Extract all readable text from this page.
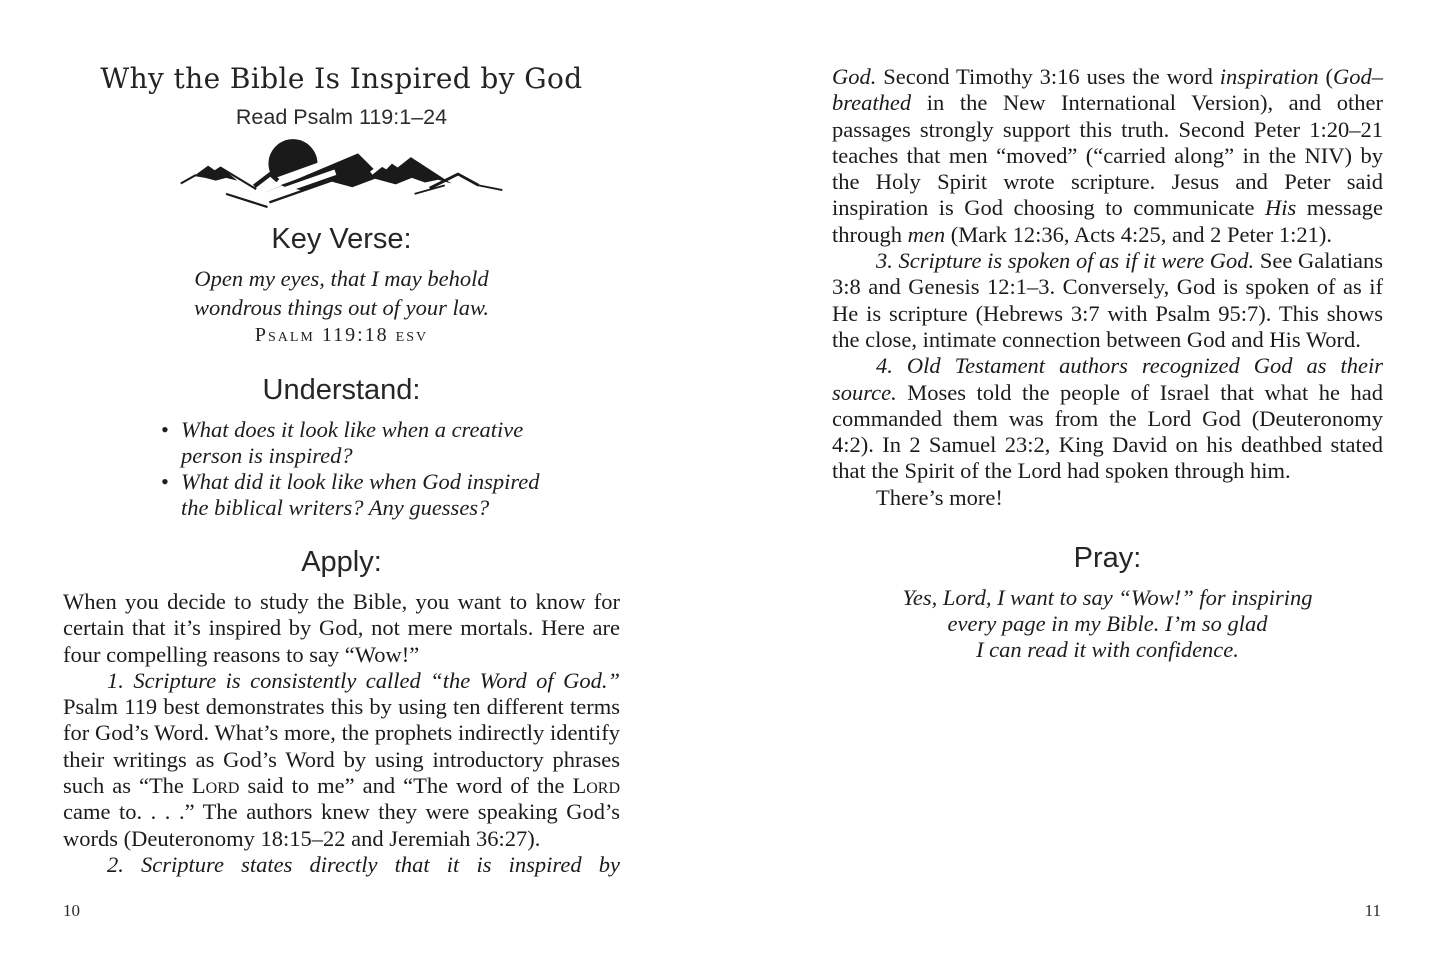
Why the Bible Is Inspired by God
Read Psalm 119:1–24
Key Verse:
Open my eyes, that I may behold
wondrous things out of your law.
Psalm 119:18 esv
Understand:
• What does it look like when a creative person is inspired?
• What did it look like when God inspired the biblical writers? Any guesses?
Apply:

When you decide to study the Bible, you want to know for certain that it’s inspired by God, not mere mortals. Here are four compelling reasons to say “Wow!”

1. Scripture is consistently called “the Word of God.” Psalm 119 best demonstrates this by using ten different terms for God’s Word. What’s more, the prophets indirectly identify their writings as God’s Word by using introductory phrases such as “The Lord said to me” and “The word of the Lord came to. . . .” The authors knew they were speaking God’s words (Deuteronomy 18:15–22 and Jeremiah 36:27).

2. Scripture states directly that it is inspired by

10

God. Second Timothy 3:16 uses the word inspiration (God–breathed in the New International Version), and other passages strongly support this truth. Second Peter 1:20–21 teaches that men “moved” (“carried along” in the NIV) by the Holy Spirit wrote scripture. Jesus and Peter said inspiration is God choosing to communicate His message through men (Mark 12:36, Acts 4:25, and 2 Peter 1:21).

3. Scripture is spoken of as if it were God. See Galatians 3:8 and Genesis 12:1–3. Conversely, God is spoken of as if He is scripture (Hebrews 3:7 with Psalm 95:7). This shows the close, intimate connection between God and His Word.

4. Old Testament authors recognized God as their source. Moses told the people of Israel that what he had commanded them was from the Lord God (Deuteronomy 4:2). In 2 Samuel 23:2, King David on his deathbed stated that the Spirit of the Lord had spoken through him.

There’s more!

Pray:
Yes, Lord, I want to say “Wow!” for inspiring
every page in my Bible. I’m so glad
I can read it with confidence.
11
